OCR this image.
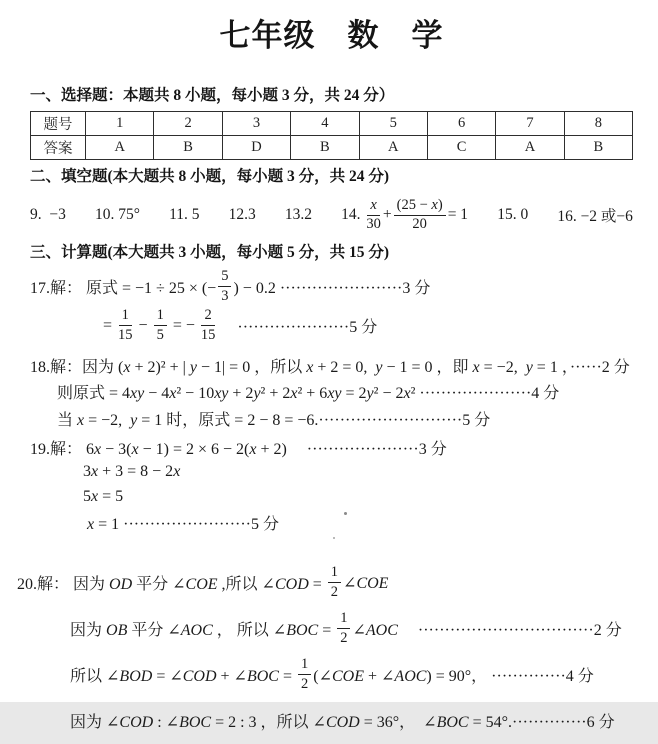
七年级　数　学
一、选择题：本题共 8 小题，每小题 3 分，共 24 分）
题号	1	2	3	4	5	6	7	8
答案	A	B	D	B	A	C	A	B
二、填空题(本大题共 8 小题，每小题 3 分，共 24 分)
9.  −3 10. 75° 11. 5 12.3 13.2 14. $\frac{x}{30} + \frac{(25 - x)}{20} = 1$ 15. 0 16. −2 或−6
三、计算题(本大题共 3 小题，每小题 5 分，共 15 分)
17.解： 原式 = −1 ÷ 25 × (− $\frac{5}{3}$ ) − 0.2 ·······················3 分
= $\frac{1}{15} - \frac{1}{5}$ = − $\frac{2}{15}$ 　 ·····················5 分
18.解：因为 (x + 2)² + | y − 1| = 0 ，所以 x + 2 = 0,  y − 1 = 0 ，即 x = −2,  y = 1 ，······2 分
则原式 = 4xy − 4x² − 10xy + 2y² + 2x² + 6xy = 2y² − 2x² ·····················4 分
当 x = −2,  y = 1 时，原式 = 2 − 8 = −6.···························5 分
19.解： 6x − 3(x − 1) = 2 × 6 − 2(x + 2)　 ·····················3 分
3x + 3 = 8 − 2x
5x = 5
x = 1 ························5 分
20.解： 因为 OD 平分 ∠COE ,所以 ∠COD = $\frac{1}{2}$ ∠COE
因为 OB 平分 ∠AOC ， 所以 ∠BOC = $\frac{1}{2}$ ∠AOC　 ·································2 分
所以 ∠BOD = ∠COD + ∠BOC = $\frac{1}{2}$ (∠COE + ∠AOC) = 90°， ··············4 分
因为 ∠COD : ∠BOC = 2 : 3 ，所以 ∠COD = 36°，  ∠BOC = 54°.··············6 分
